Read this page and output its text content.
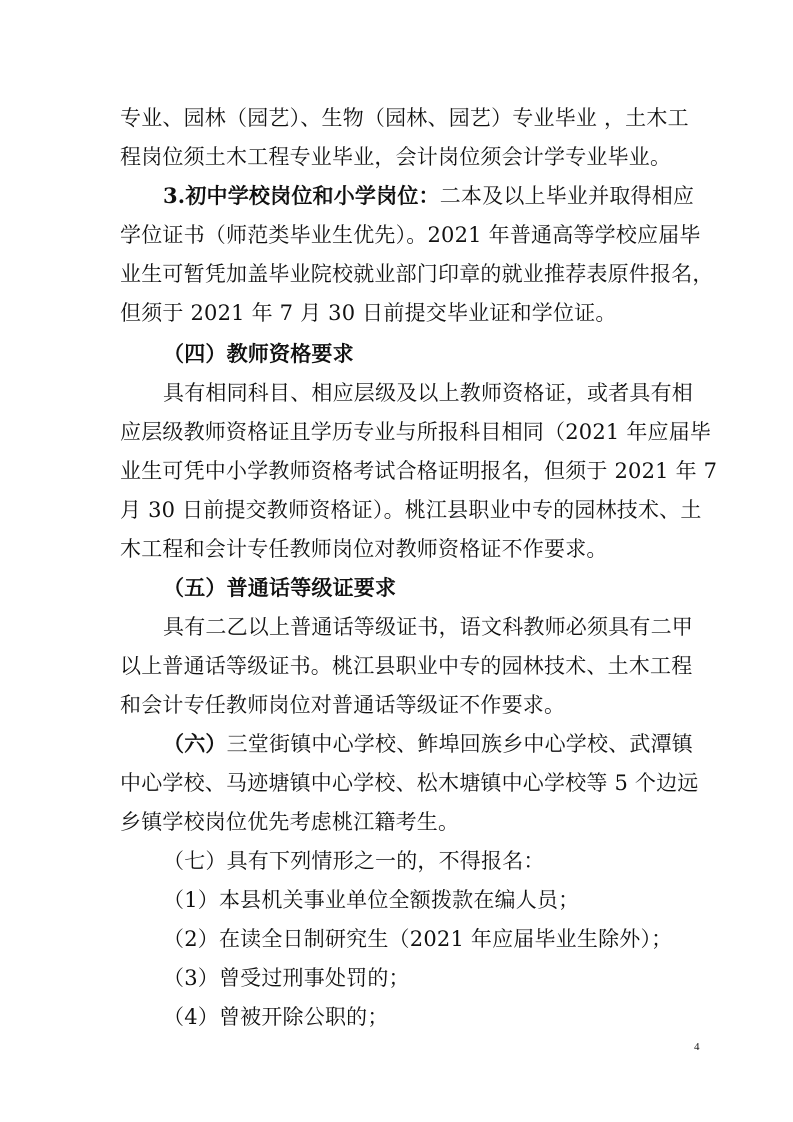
专业、园林（园艺）、生物（园林、园艺）专业毕业 ，土木工
程岗位须土木工程专业毕业，会计岗位须会计学专业毕业。
3.初中学校岗位和小学岗位：二本及以上毕业并取得相应
学位证书（师范类毕业生优先）。2021 年普通高等学校应届毕
业生可暂凭加盖毕业院校就业部门印章的就业推荐表原件报名，
但须于 2021 年 7 月 30 日前提交毕业证和学位证。
（四）教师资格要求
具有相同科目、相应层级及以上教师资格证，或者具有相
应层级教师资格证且学历专业与所报科目相同（2021 年应届毕
业生可凭中小学教师资格考试合格证明报名，但须于 2021 年 7
月 30 日前提交教师资格证）。桃江县职业中专的园林技术、土
木工程和会计专任教师岗位对教师资格证不作要求。
（五）普通话等级证要求
具有二乙以上普通话等级证书，语文科教师必须具有二甲
以上普通话等级证书。桃江县职业中专的园林技术、土木工程
和会计专任教师岗位对普通话等级证不作要求。
（六）三堂街镇中心学校、鲊埠回族乡中心学校、武潭镇
中心学校、马迹塘镇中心学校、松木塘镇中心学校等 5 个边远
乡镇学校岗位优先考虑桃江籍考生。
（七）具有下列情形之一的，不得报名：
（1）本县机关事业单位全额拨款在编人员；
（2）在读全日制研究生（2021 年应届毕业生除外）；
（3）曾受过刑事处罚的；
（4）曾被开除公职的；
4
